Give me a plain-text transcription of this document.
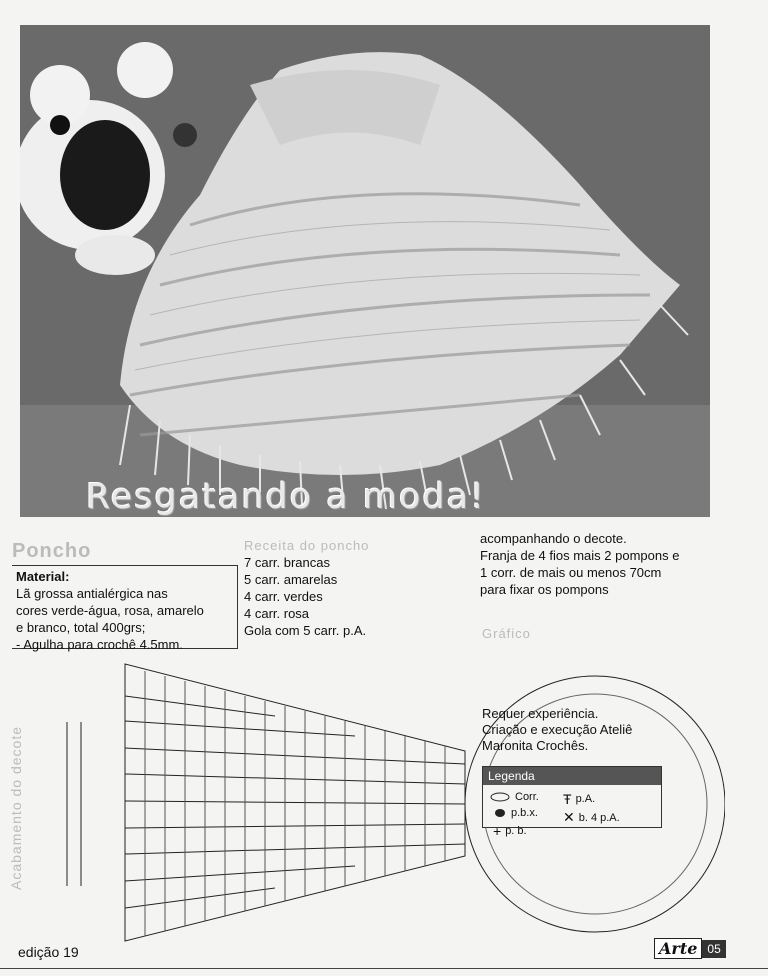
Resgatando a moda!
Poncho
Material:
Lã grossa antialérgica nas
cores verde-água, rosa, amarelo
e branco, total 400grs;
- Agulha para crochê 4.5mm.
Receita do poncho
7 carr. brancas
5 carr. amarelas
4 carr. verdes
4 carr. rosa
Gola com 5 carr. p.A.
acompanhando o decote.
Franja de 4 fios mais 2 pompons e
1 corr. de mais ou menos 70cm
para fixar os pompons
Gráfico
Acabamento do decote
Requer experiência.
Criação e execução Ateliê
Maronita Crochês.
Legenda
Corr.
p.b.x.
+ p. b.
Ŧ p.A.
✕ b. 4 p.A.
edição 19	Arte 05
